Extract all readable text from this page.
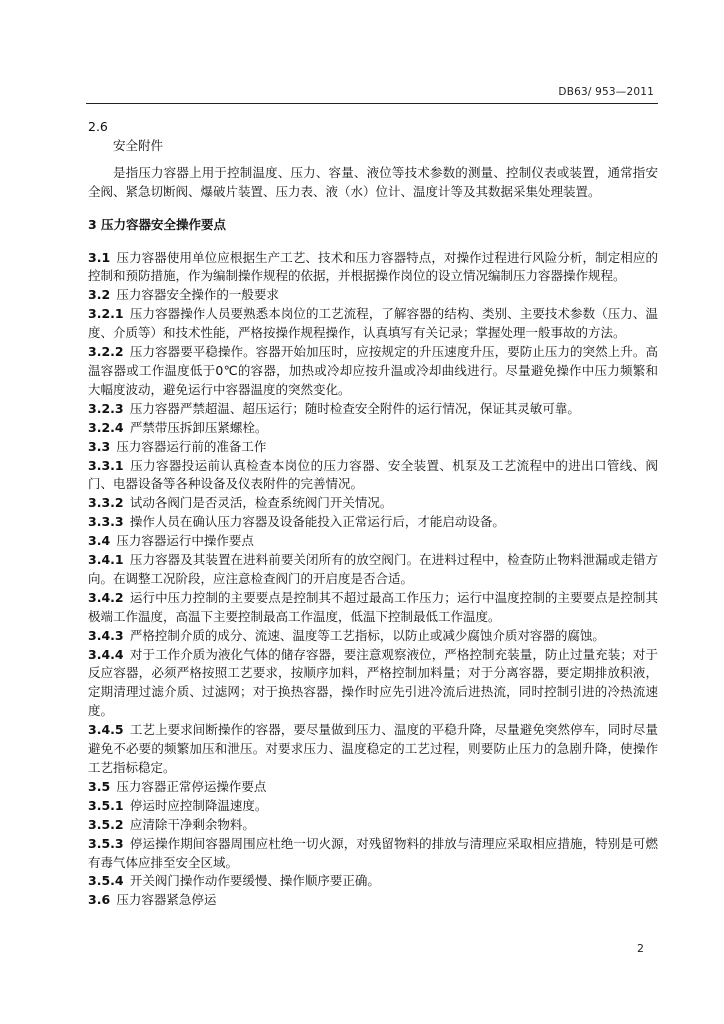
DB63/ 953—2011

2.6

安全附件

是指压力容器上用于控制温度、压力、容量、液位等技术参数的测量、控制仪表或装置，通常指安全阀、紧急切断阀、爆破片装置、压力表、液（水）位计、温度计等及其数据采集处理装置。

3 压力容器安全操作要点

3.1  压力容器使用单位应根据生产工艺、技术和压力容器特点，对操作过程进行风险分析，制定相应的控制和预防措施，作为编制操作规程的依据，并根据操作岗位的设立情况编制压力容器操作规程。

3.2  压力容器安全操作的一般要求

3.2.1  压力容器操作人员要熟悉本岗位的工艺流程，了解容器的结构、类别、主要技术参数（压力、温度、介质等）和技术性能，严格按操作规程操作，认真填写有关记录；掌握处理一般事故的方法。

3.2.2  压力容器要平稳操作。容器开始加压时，应按规定的升压速度升压，要防止压力的突然上升。高温容器或工作温度低于0℃的容器，加热或冷却应按升温或冷却曲线进行。尽量避免操作中压力频繁和大幅度波动，避免运行中容器温度的突然变化。

3.2.3  压力容器严禁超温、超压运行；随时检查安全附件的运行情况，保证其灵敏可靠。

3.2.4  严禁带压拆卸压紧螺栓。

3.3  压力容器运行前的准备工作

3.3.1  压力容器投运前认真检查本岗位的压力容器、安全装置、机泵及工艺流程中的进出口管线、阀门、电器设备等各种设备及仪表附件的完善情况。

3.3.2  试动各阀门是否灵活，检查系统阀门开关情况。

3.3.3  操作人员在确认压力容器及设备能投入正常运行后，才能启动设备。

3.4  压力容器运行中操作要点

3.4.1  压力容器及其装置在进料前要关闭所有的放空阀门。在进料过程中，检查防止物料泄漏或走错方向。在调整工况阶段，应注意检查阀门的开启度是否合适。

3.4.2  运行中压力控制的主要要点是控制其不超过最高工作压力；运行中温度控制的主要要点是控制其极端工作温度，高温下主要控制最高工作温度，低温下控制最低工作温度。

3.4.3  严格控制介质的成分、流速、温度等工艺指标，以防止或减少腐蚀介质对容器的腐蚀。

3.4.4  对于工作介质为液化气体的储存容器，要注意观察液位，严格控制充装量，防止过量充装；对于反应容器，必须严格按照工艺要求，按顺序加料，严格控制加料量；对于分离容器，要定期排放积液，定期清理过滤介质、过滤网；对于换热容器，操作时应先引进冷流后进热流，同时控制引进的冷热流速度。

3.4.5  工艺上要求间断操作的容器，要尽量做到压力、温度的平稳升降，尽量避免突然停车，同时尽量避免不必要的频繁加压和泄压。对要求压力、温度稳定的工艺过程，则要防止压力的急剧升降，使操作工艺指标稳定。

3.5  压力容器正常停运操作要点

3.5.1  停运时应控制降温速度。

3.5.2  应清除干净剩余物料。

3.5.3  停运操作期间容器周围应杜绝一切火源，对残留物料的排放与清理应采取相应措施，特别是可燃有毒气体应排至安全区域。

3.5.4  开关阀门操作动作要缓慢、操作顺序要正确。

3.6  压力容器紧急停运

2
